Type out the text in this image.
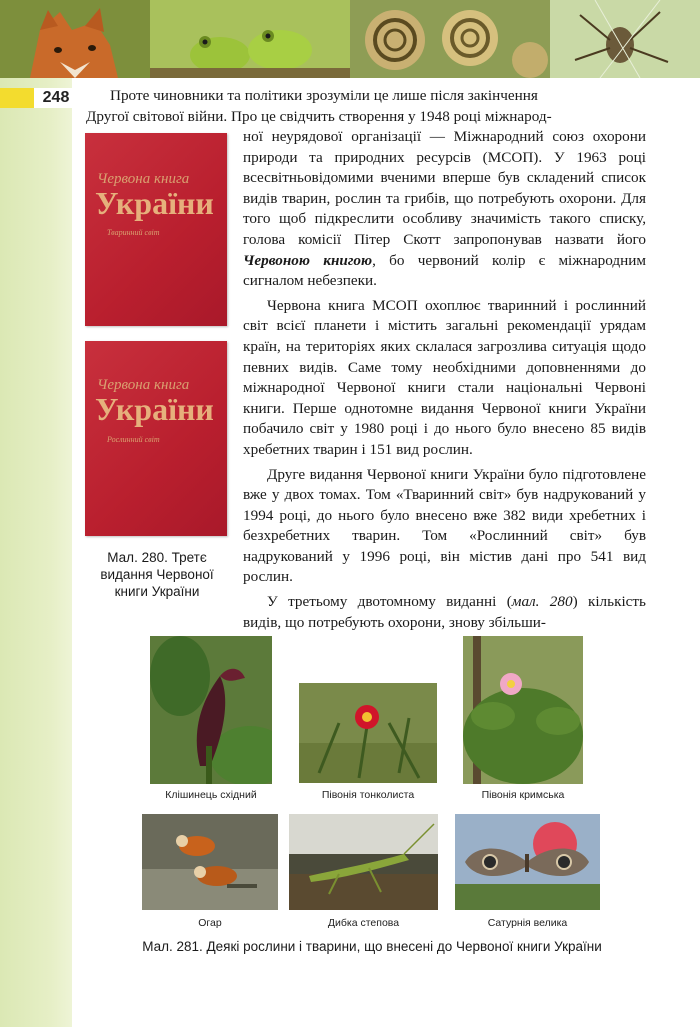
248	Проте чиновники та політики зрозуміли це лише після закінчення

Другої світової війни. Про це свідчить створення у 1948 році міжнарод-

ної неурядової організації — Міжнародний союз охорони природи та природних ресурсів (МСОП). У 1963 році всесвітньовідомими вченими вперше був складений список видів тварин, рослин та грибів, що потребують охорони. Для того щоб підкреслити особливу значимість такого списку, голова комісії Пітер Скотт запропонував назвати його Червоною книгою, бо червоний колір є міжнародним сигналом небезпеки.

Червона книга МСОП охоплює тваринний і рослинний світ всієї планети і містить загальні рекомендації урядам країн, на територіях яких склалася загрозлива ситуація щодо певних видів. Саме тому необхідними доповненнями до міжнародної Червоної книги стали національні Червоні книги. Перше однотомне видання Червоної книги України побачило світ у 1980 році і до нього було внесено 85 видів хребетних тварин і 151 вид рослин.

Друге видання Червоної книги України було підготовлене вже у двох томах. Том «Тваринний світ» був надрукований у 1994 році, до нього було внесено вже 382 види хребетних і безхребетних тварин. Том «Рослинний світ» був надрукований у 1996 році, він містив дані про 541 вид рослин.

У третьому двотомному виданні (мал. 280) кількість видів, що потребують охорони, знову збільши-

Червона книга
України
Тваринний світ
Червона книга
України
Рослинний світ
Мал. 280. Третє видання Червоної книги України
Клішинець східний	Півонія тонколиста	Півонія кримська
Огар	Дибка степова	Сатурнія велика
Мал. 281. Деякі рослини і тварини, що внесені до Червоної книги України
